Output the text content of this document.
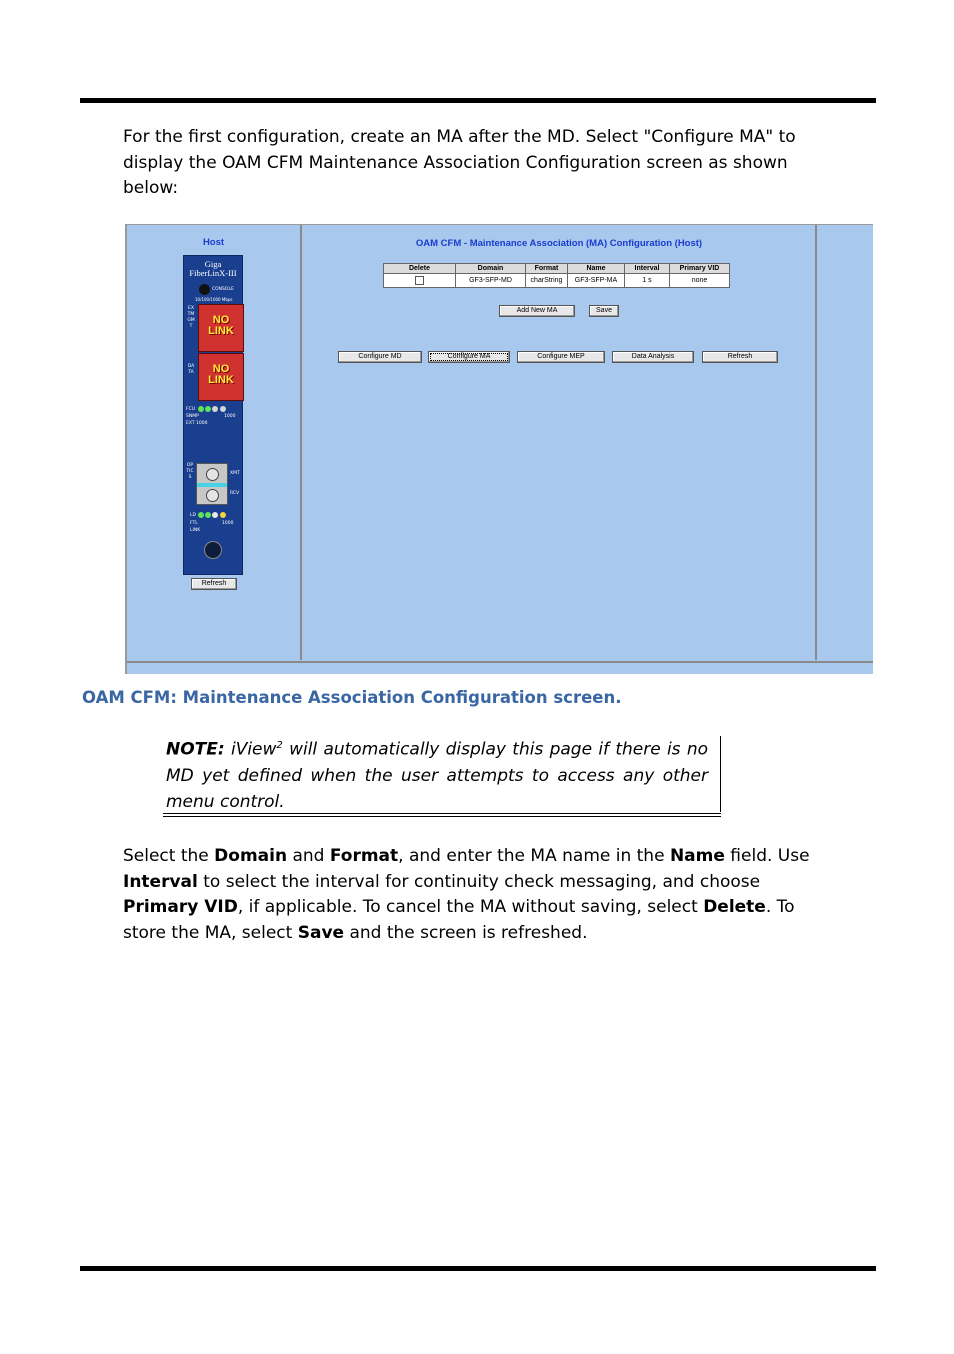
For the first configuration, create an MA after the MD. Select "Configure MA" to
display the OAM CFM Maintenance Association Configuration screen as shown
below:
Host
Giga
FiberLinX-III
CONSOLE
10/100/1000 Mbps
EXTMGMT
NO LINK
DATA	NO LINK
FCU
SNMP
EXT 1000
1000
OPTICS
XMT
RCV
LD
FTL
LINK
1000
Refresh
OAM CFM - Maintenance Association (MA) Configuration (Host)
Delete	Domain	Format	Name	Interval	Primary VID
	GF3-SFP-MD	charString	GF3-SFP-MA	1 s	none
Add New MA	Save
Configure MD	Configure MA	Configure MEP	Data Analysis	Refresh
OAM CFM: Maintenance Association Configuration screen.
NOTE: iView$^2$ will automatically display this page if there is no MD yet defined when the user attempts to access any other menu control.
Select the Domain and Format, and enter the MA name in the Name field. Use
Interval to select the interval for continuity check messaging, and choose
Primary VID, if applicable. To cancel the MA without saving, select Delete. To
store the MA, select Save and the screen is refreshed.
